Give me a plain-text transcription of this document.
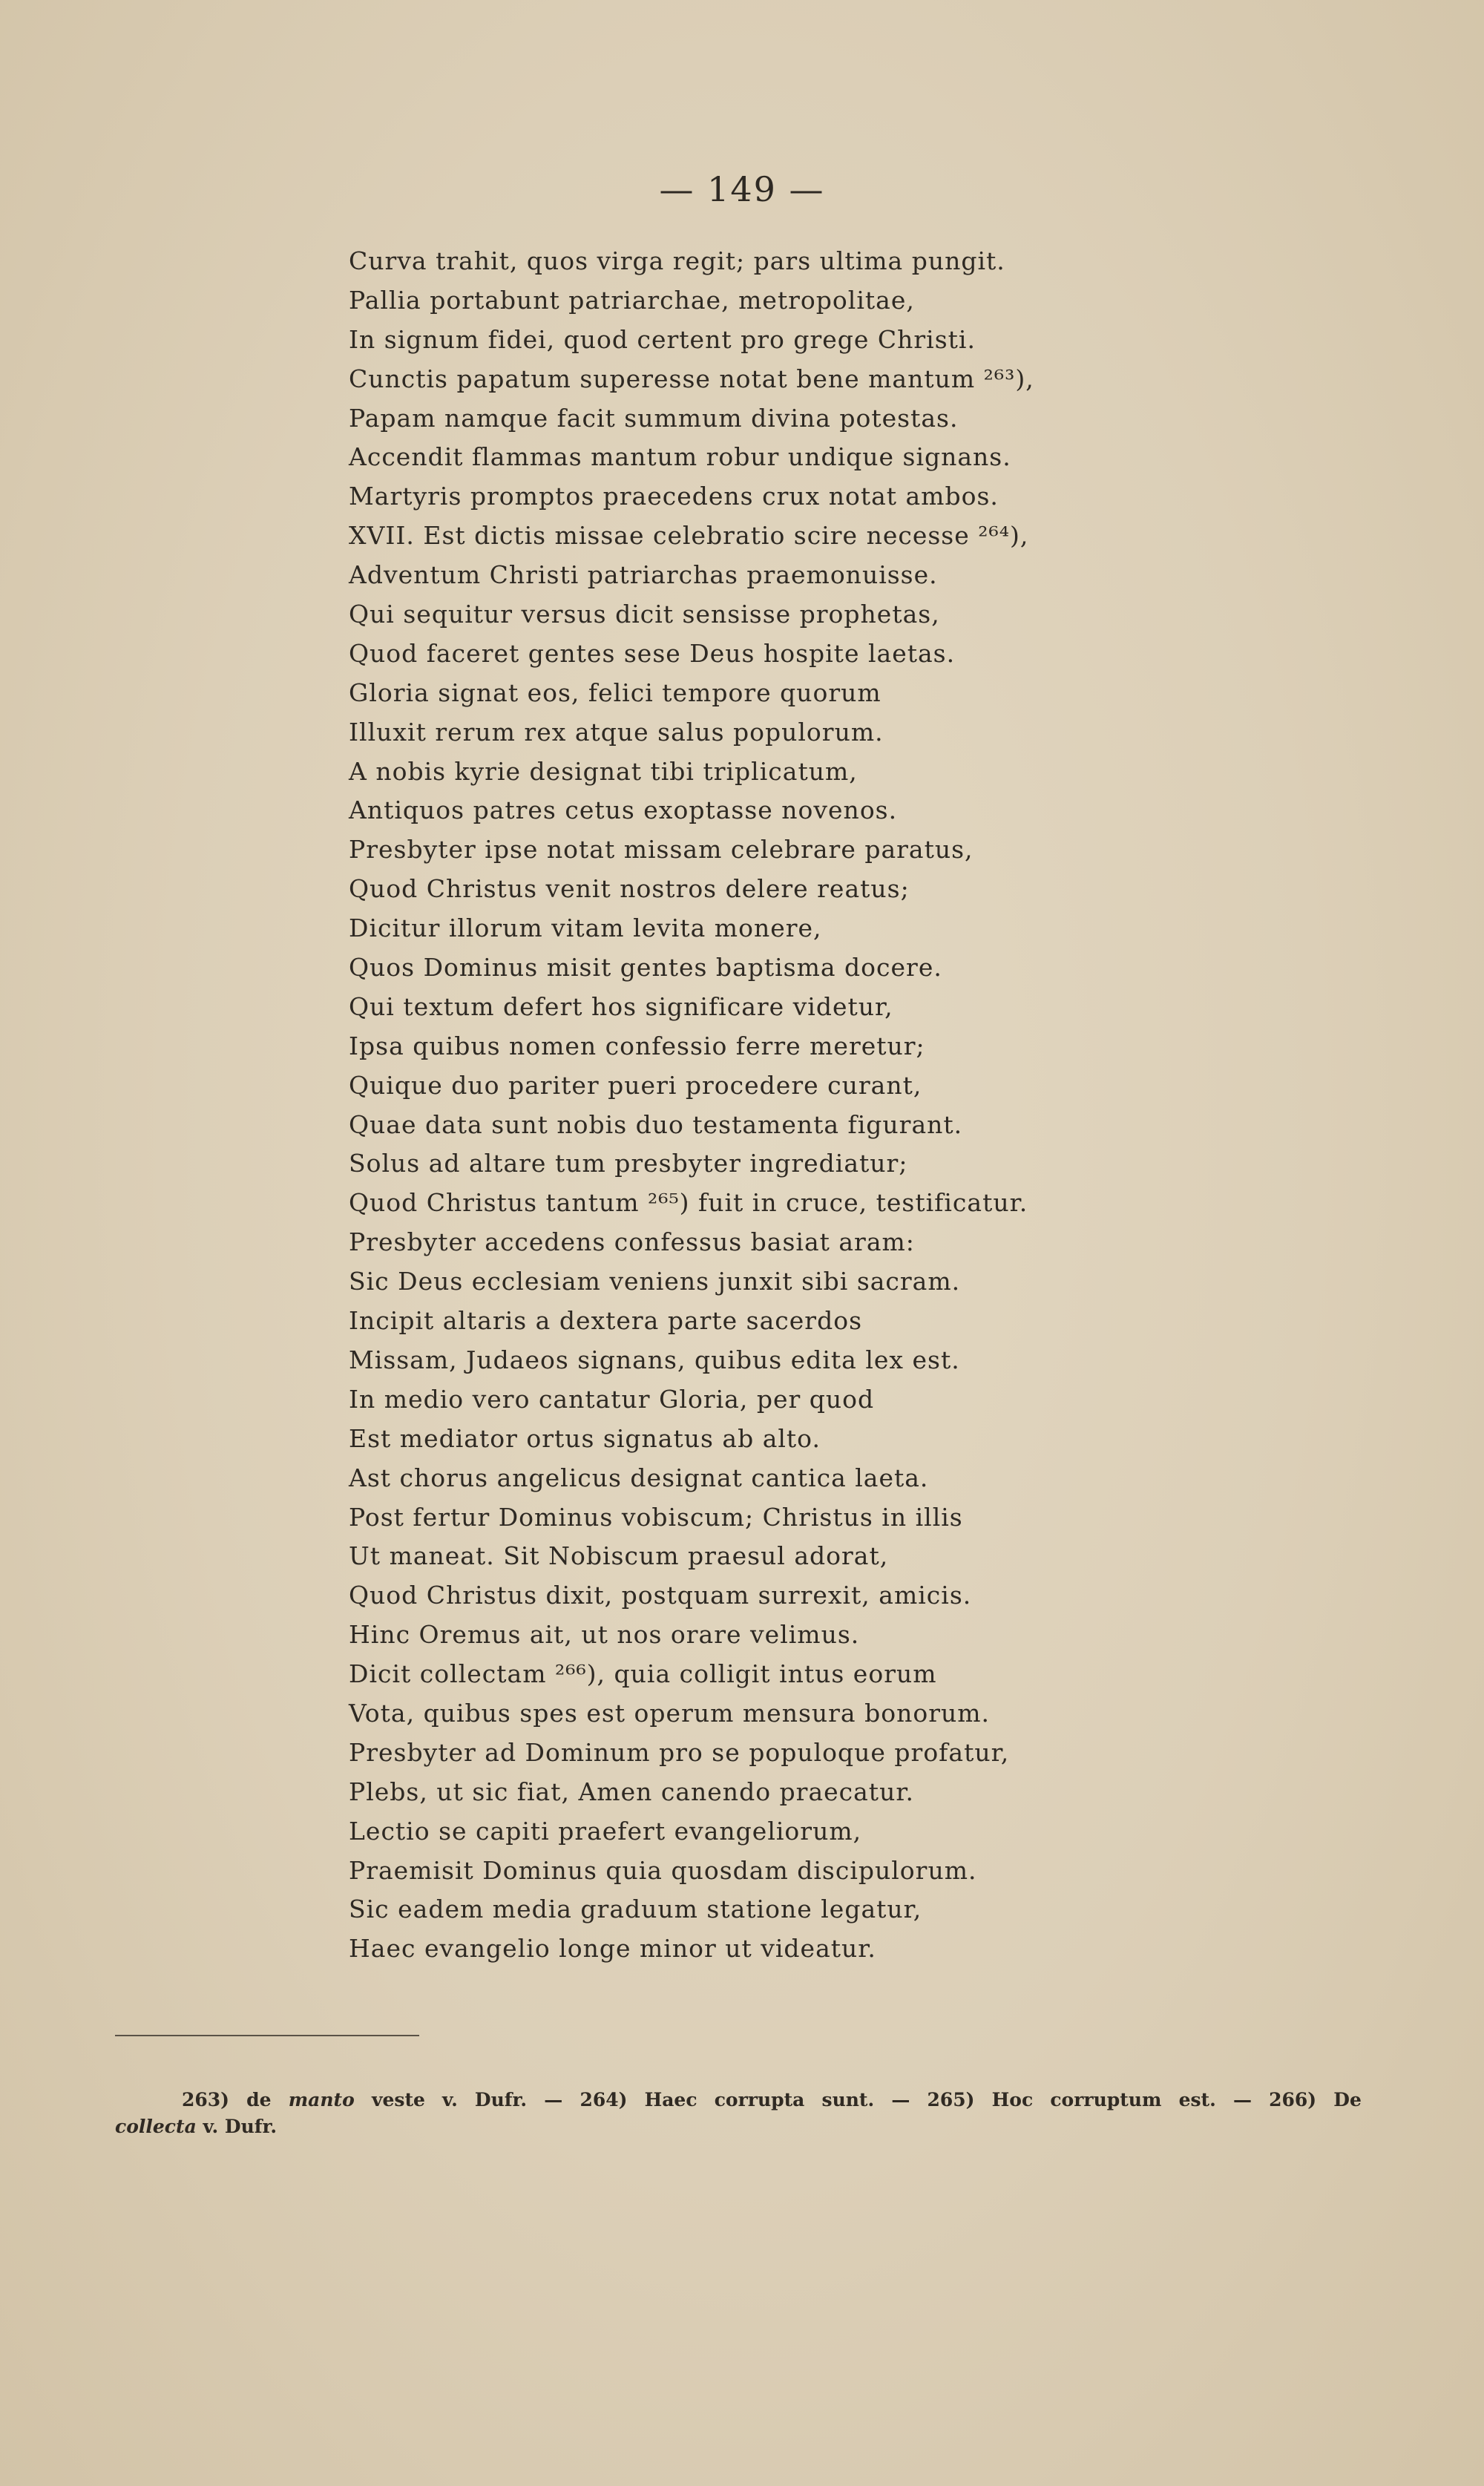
— 149 —
Curva trahit, quos virga regit; pars ultima pungit.
Pallia portabunt patriarchae, metropolitae,
In signum fidei, quod certent pro grege Christi.
Cunctis papatum superesse notat bene mantum ²⁶³),
Papam namque facit summum divina potestas.
Accendit flammas mantum robur undique signans.
Martyris promptos praecedens crux notat ambos.
XVII. Est dictis missae celebratio scire necesse ²⁶⁴),
Adventum Christi patriarchas praemonuisse.
Qui sequitur versus dicit sensisse prophetas,
Quod faceret gentes sese Deus hospite laetas.
Gloria signat eos, felici tempore quorum
Illuxit rerum rex atque salus populorum.
A nobis kyrie designat tibi triplicatum,
Antiquos patres cetus exoptasse novenos.
Presbyter ipse notat missam celebrare paratus,
Quod Christus venit nostros delere reatus;
Dicitur illorum vitam levita monere,
Quos Dominus misit gentes baptisma docere.
Qui textum defert hos significare videtur,
Ipsa quibus nomen confessio ferre meretur;
Quique duo pariter pueri procedere curant,
Quae data sunt nobis duo testamenta figurant.
Solus ad altare tum presbyter ingrediatur;
Quod Christus tantum ²⁶⁵) fuit in cruce, testificatur.
Presbyter accedens confessus basiat aram:
Sic Deus ecclesiam veniens junxit sibi sacram.
Incipit altaris a dextera parte sacerdos
Missam, Judaeos signans, quibus edita lex est.
In medio vero cantatur Gloria, per quod
Est mediator ortus signatus ab alto.
Ast chorus angelicus designat cantica laeta.
Post fertur Dominus vobiscum; Christus in illis
Ut maneat. Sit Nobiscum praesul adorat,
Quod Christus dixit, postquam surrexit, amicis.
Hinc Oremus ait, ut nos orare velimus.
Dicit collectam ²⁶⁶), quia colligit intus eorum
Vota, quibus spes est operum mensura bonorum.
Presbyter ad Dominum pro se populoque profatur,
Plebs, ut sic fiat, Amen canendo praecatur.
Lectio se capiti praefert evangeliorum,
Praemisit Dominus quia quosdam discipulorum.
Sic eadem media graduum statione legatur,
Haec evangelio longe minor ut videatur.
263) de manto veste v. Dufr. — 264) Haec corrupta sunt. — 265) Hoc corruptum est. — 266) De
collecta v. Dufr.
